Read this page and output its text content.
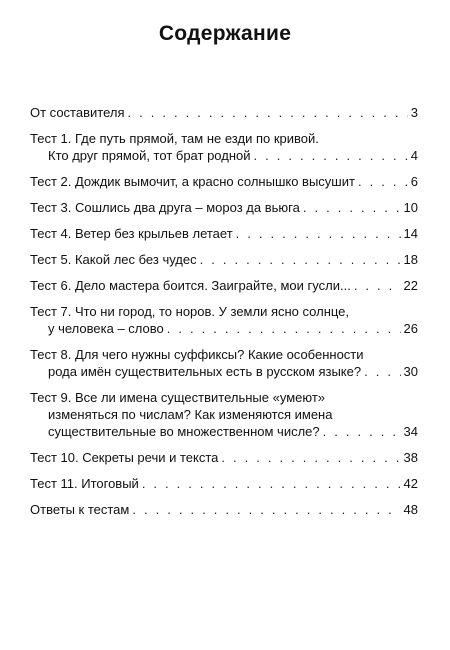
Содержание
От составителя . . .	3
Тест 1. Где путь прямой, там не езди по кривой.
Кто друг прямой, тот брат родной . . .	4
Тест 2. Дождик вымочит, а красно солнышко высушит . . .	6
Тест 3. Сошлись два друга – мороз да вьюга . . .	10
Тест 4. Ветер без крыльев летает . . .	14
Тест 5. Какой лес без чудес . . .	18
Тест 6. Дело мастера боится. Заиграйте, мои гусли... . . .	22
Тест 7. Что ни город, то норов. У земли ясно солнце,
у человека – слово . . .	26
Тест 8. Для чего нужны суффиксы? Какие особенности
рода имён существительных есть в русском языке? . . .	30
Тест 9. Все ли имена существительные «умеют»
изменяться по числам? Как изменяются имена
существительные во множественном числе? . . .	34
Тест 10. Секреты речи и текста . . .	38
Тест 11. Итоговый . . .	42
Ответы к тестам . . .	48
